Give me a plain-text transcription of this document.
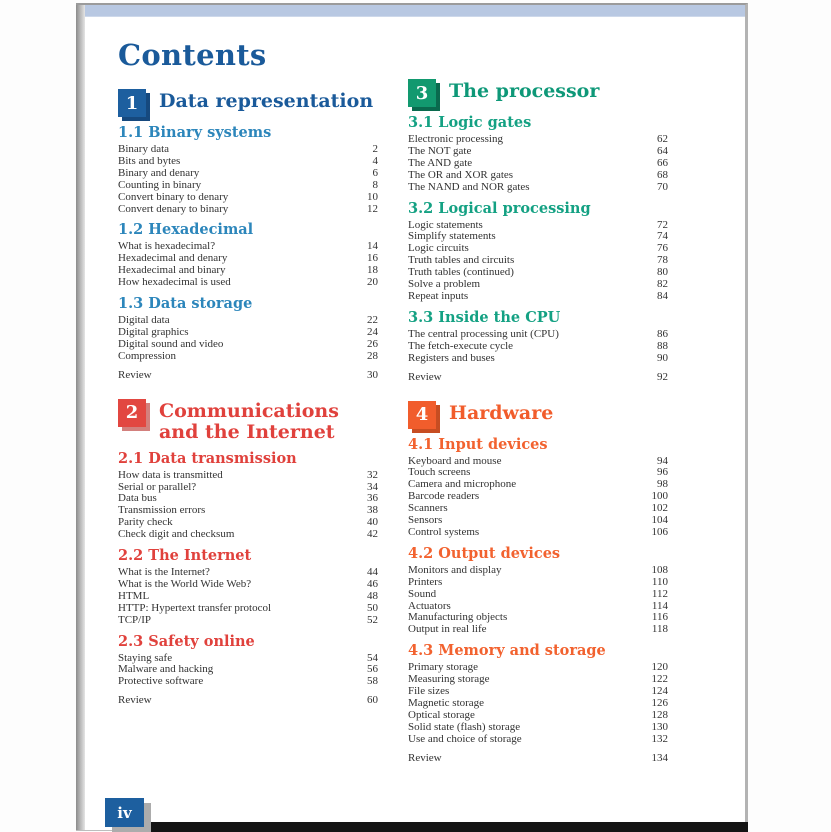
Contents
1	Data representation
1.1 Binary systems
Binary data	2
Bits and bytes	4
Binary and denary	6
Counting in binary	8
Convert binary to denary	10
Convert denary to binary	12
1.2 Hexadecimal
What is hexadecimal?	14
Hexadecimal and denary	16
Hexadecimal and binary	18
How hexadecimal is used	20
1.3 Data storage
Digital data	22
Digital graphics	24
Digital sound and video	26
Compression	28
Review	30
2	Communications and the Internet
2.1 Data transmission
How data is transmitted	32
Serial or parallel?	34
Data bus	36
Transmission errors	38
Parity check	40
Check digit and checksum	42
2.2 The Internet
What is the Internet?	44
What is the World Wide Web?	46
HTML	48
HTTP: Hypertext transfer protocol	50
TCP/IP	52
2.3 Safety online
Staying safe	54
Malware and hacking	56
Protective software	58
Review	60
3	The processor
3.1 Logic gates
Electronic processing	62
The NOT gate	64
The AND gate	66
The OR and XOR gates	68
The NAND and NOR gates	70
3.2 Logical processing
Logic statements	72
Simplify statements	74
Logic circuits	76
Truth tables and circuits	78
Truth tables (continued)	80
Solve a problem	82
Repeat inputs	84
3.3 Inside the CPU
The central processing unit (CPU)	86
The fetch-execute cycle	88
Registers and buses	90
Review	92
4	Hardware
4.1 Input devices
Keyboard and mouse	94
Touch screens	96
Camera and microphone	98
Barcode readers	100
Scanners	102
Sensors	104
Control systems	106
4.2 Output devices
Monitors and display	108
Printers	110
Sound	112
Actuators	114
Manufacturing objects	116
Output in real life	118
4.3 Memory and storage
Primary storage	120
Measuring storage	122
File sizes	124
Magnetic storage	126
Optical storage	128
Solid state (flash) storage	130
Use and choice of storage	132
Review	134
iv
